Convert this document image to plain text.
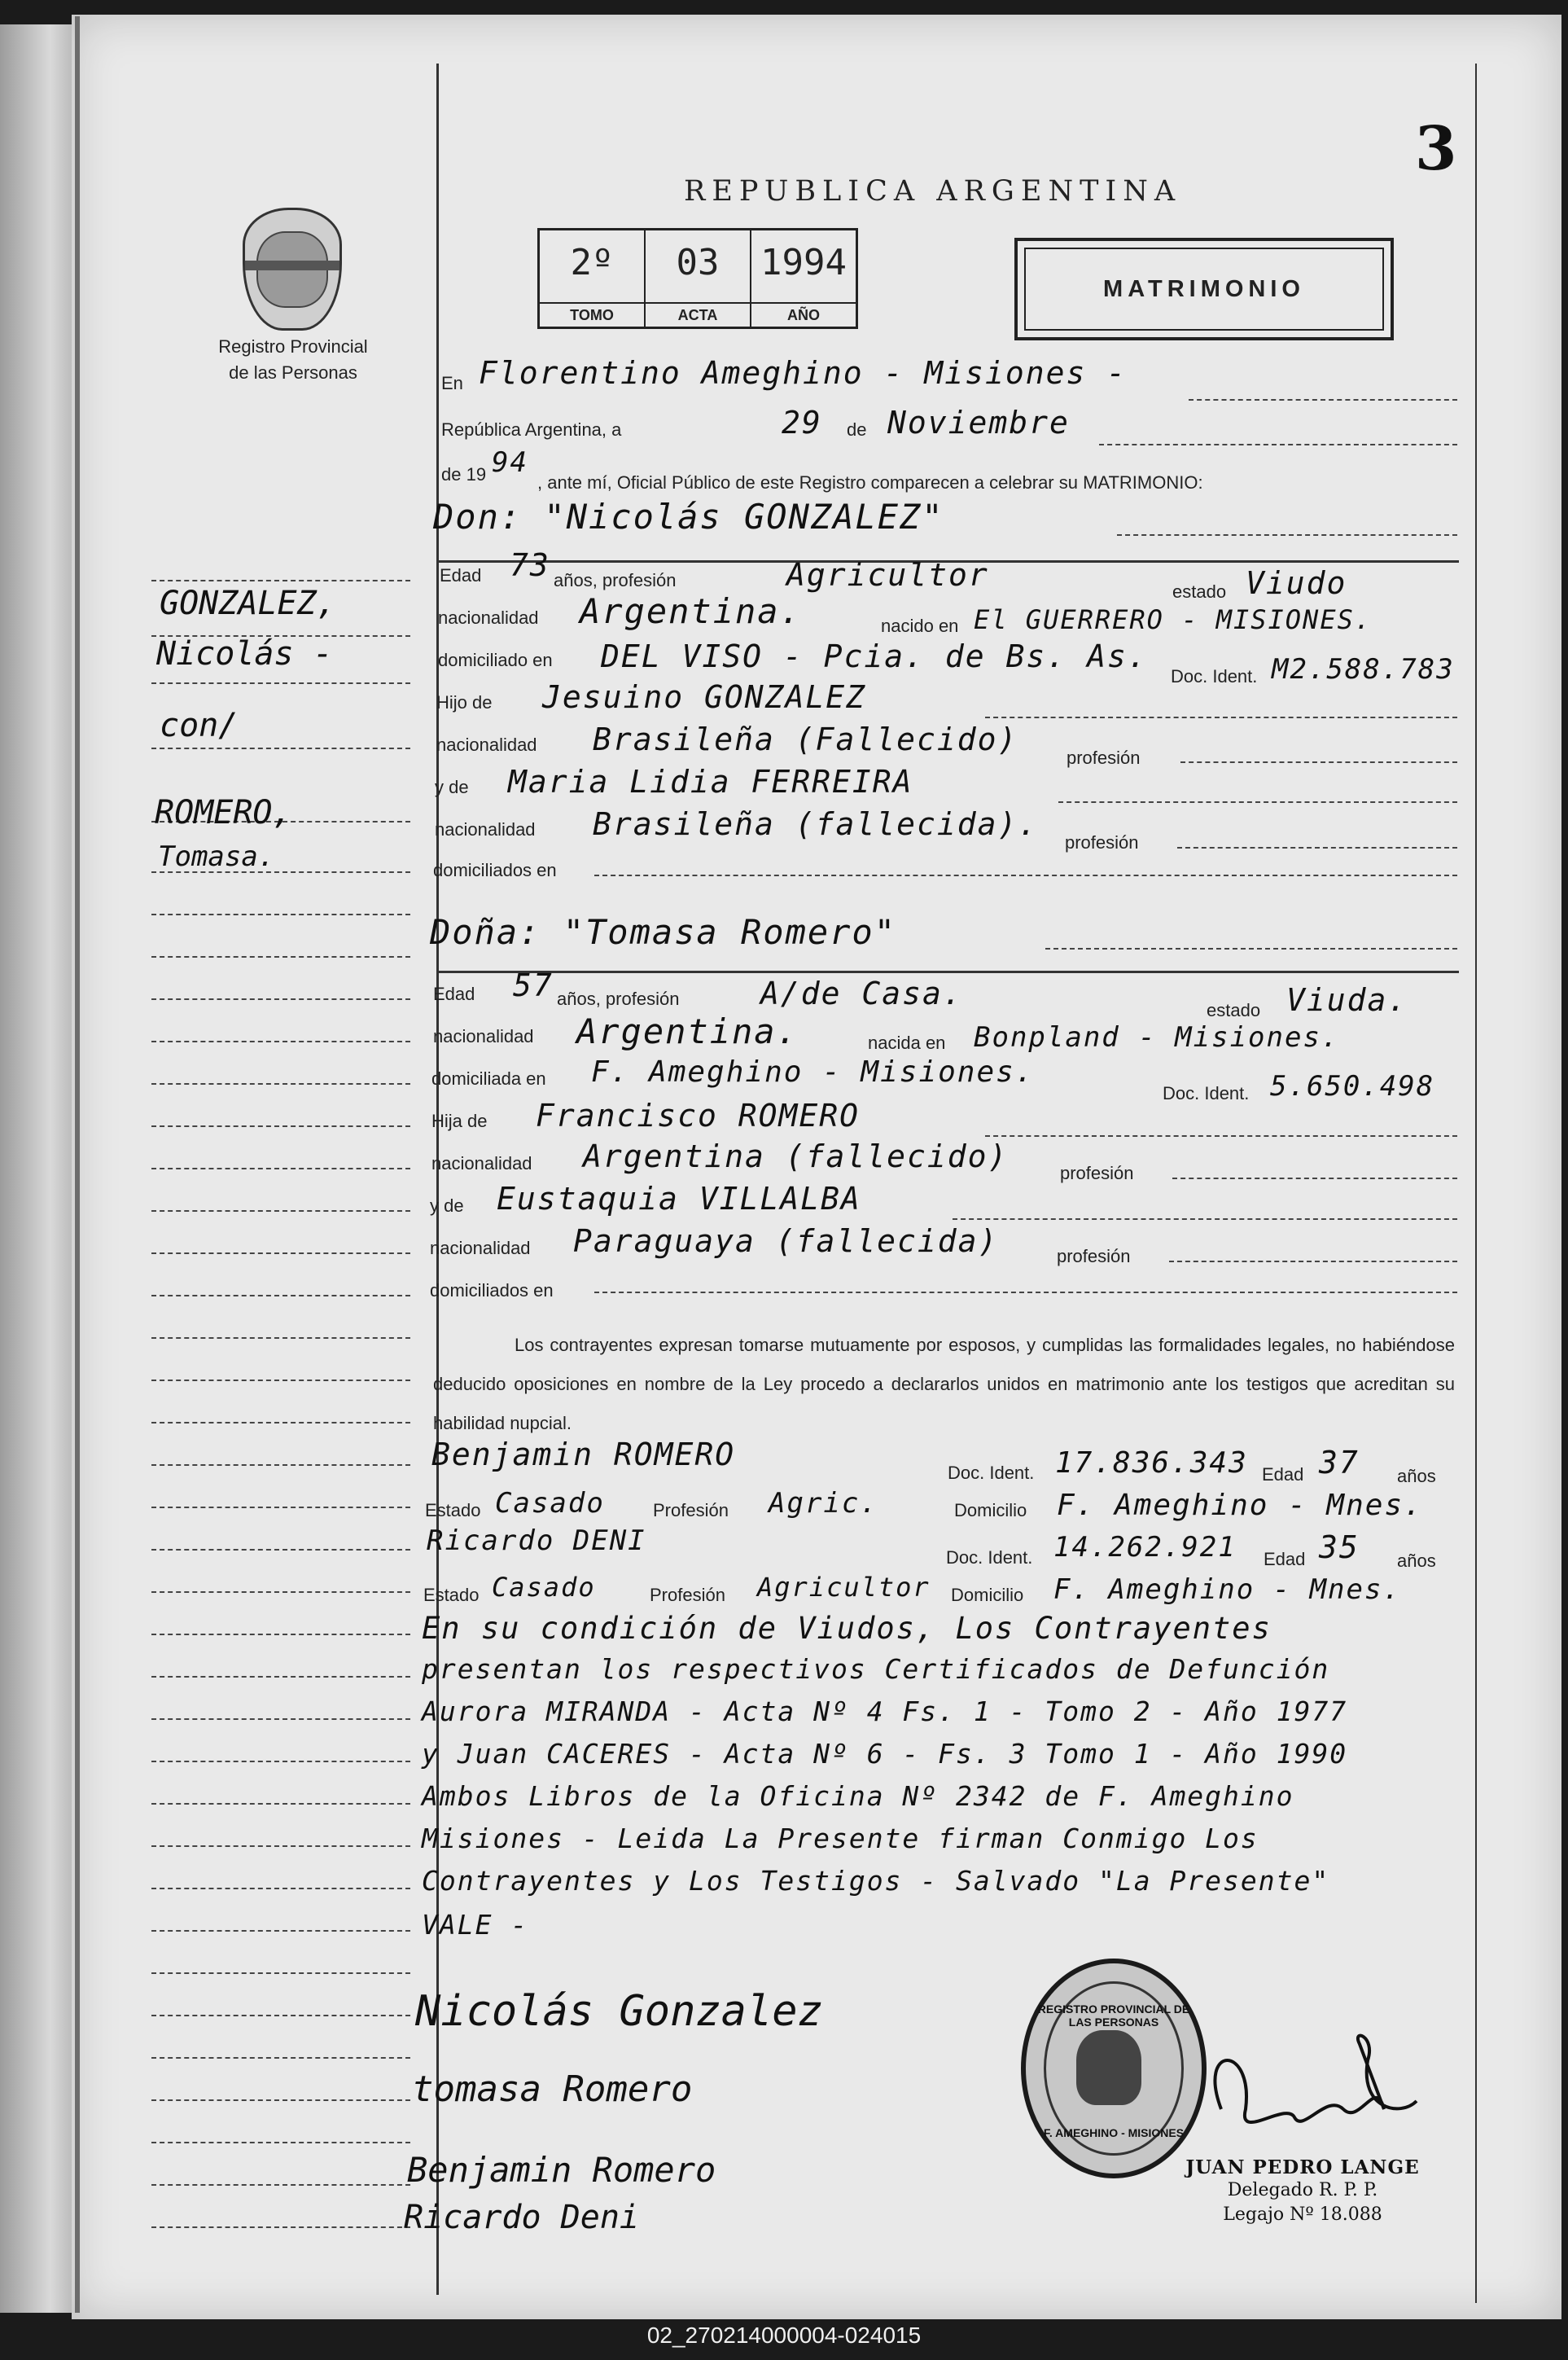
3
REPUBLICA ARGENTINA
Registro Provincial
de las Personas
2º
TOMO
03
ACTA
1994
AÑO
MATRIMONIO
GONZALEZ,
Nicolás -
con/
ROMERO,
Tomasa.
En Florentino Ameghino - Misiones -
República Argentina, a	29 de Noviembre
de 19 94
, ante mí, Oficial Público de este Registro comparecen a celebrar su MATRIMONIO:
Don: "Nicolás GONZALEZ"
Edad 73 años, profesión	Agricultor	estado Viudo
nacionalidad Argentina.	nacido en El GUERRERO - MISIONES.
domiciliado en DEL VISO - Pcia. de Bs. As.
Doc. Ident. M2.588.783
Hijo de Jesuino GONZALEZ
nacionalidad Brasileña (Fallecido)
profesión
y de Maria Lidia FERREIRA
nacionalidad Brasileña (fallecida).
profesión
domiciliados en
Doña: "Tomasa Romero"
Edad 57 años, profesión	A/de Casa.	estado Viuda.
nacionalidad Argentina.	nacida en Bonpland - Misiones.
domiciliada en F. Ameghino - Misiones.
Doc. Ident. 5.650.498
Hija de Francisco ROMERO
nacionalidad Argentina (fallecido)	profesión
y de Eustaquia VILLALBA
nacionalidad Paraguaya (fallecida)	profesión
domiciliados en
Los contrayentes expresan tomarse mutuamente por esposos, y cumplidas las formalidades legales, no habiéndose deducido oposiciones en nombre de la Ley procedo a declararlos unidos en matrimonio ante los testigos que acreditan su habilidad nupcial.
Benjamin ROMERO
Doc. Ident. 17.836.343 Edad 37 años
Estado Casado	Profesión Agric.	Domicilio F. Ameghino - Mnes.
Ricardo DENI
Doc. Ident. 14.262.921 Edad 35 años
Estado Casado	Profesión Agricultor Domicilio F. Ameghino - Mnes.
En su condición de Viudos, Los Contrayentes
presentan los respectivos Certificados de Defunción
Aurora MIRANDA - Acta Nº 4 Fs. 1 - Tomo 2 - Año 1977
y Juan CACERES - Acta Nº 6 - Fs. 3 Tomo 1 - Año 1990
Ambos Libros de la Oficina Nº 2342 de F. Ameghino
Misiones - Leida La Presente firman Conmigo Los
Contrayentes y Los Testigos - Salvado "La Presente"
VALE -
Nicolás Gonzalez
tomasa Romero
Benjamin Romero
Ricardo Deni
REGISTRO PROVINCIAL DE LAS PERSONAS
F. AMEGHINO - MISIONES
JUAN PEDRO LANGE
Delegado R. P. P.
Legajo Nº 18.088
02_270214000004-024015
